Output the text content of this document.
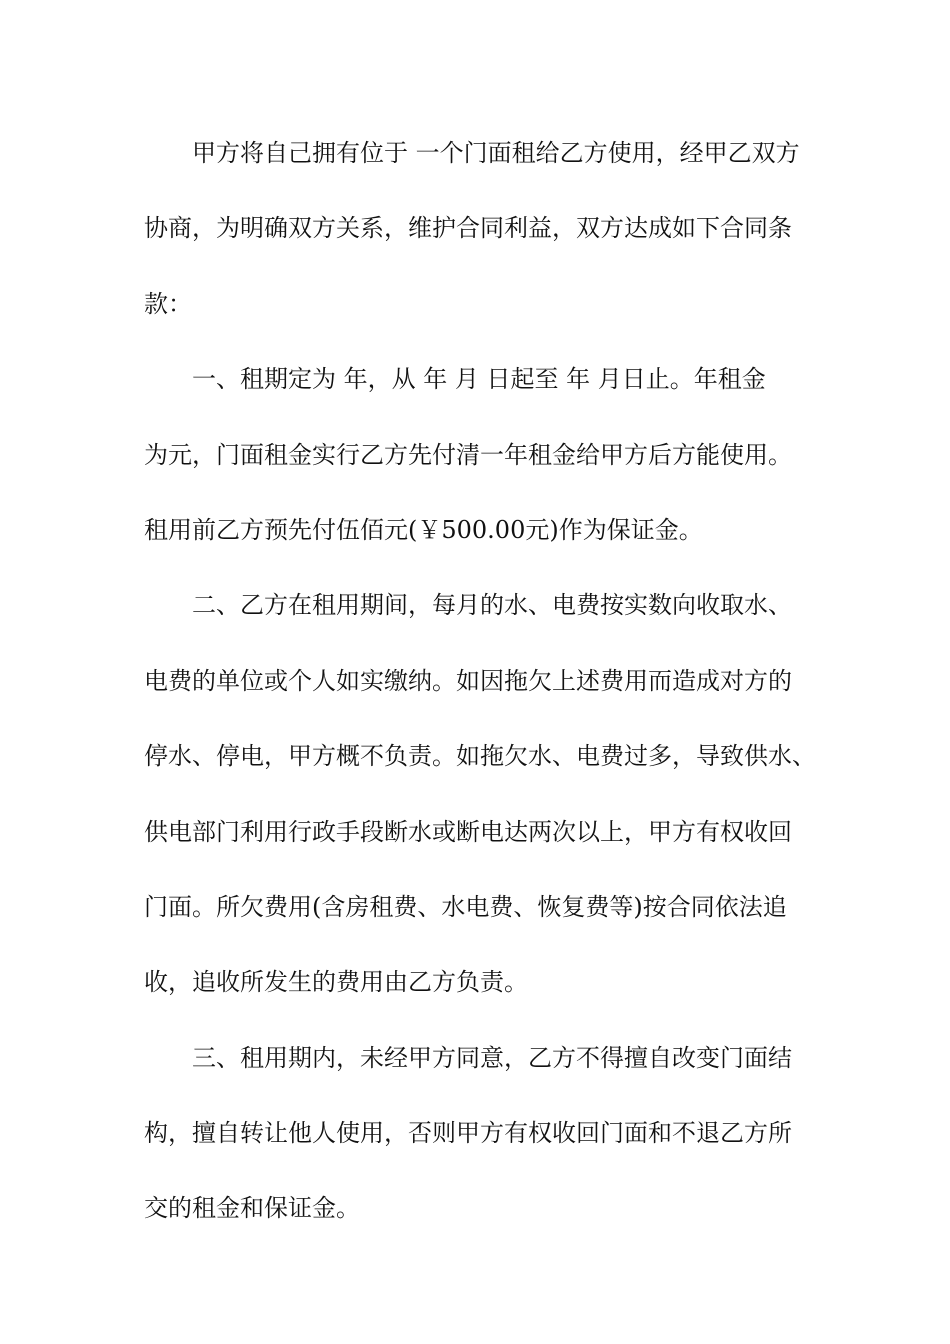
甲方将自己拥有位于 一个门面租给乙方使用，经甲乙双方
协商，为明确双方关系，维护合同利益，双方达成如下合同条
款：
一、租期定为 年，从 年 月 日起至 年 月日止。年租金
为元，门面租金实行乙方先付清一年租金给甲方后方能使用。
租用前乙方预先付伍佰元(￥500.00元)作为保证金。
二、乙方在租用期间，每月的水、电费按实数向收取水、
电费的单位或个人如实缴纳。如因拖欠上述费用而造成对方的
停水、停电，甲方概不负责。如拖欠水、电费过多，导致供水、
供电部门利用行政手段断水或断电达两次以上，甲方有权收回
门面。所欠费用(含房租费、水电费、恢复费等)按合同依法追
收，追收所发生的费用由乙方负责。
三、租用期内，未经甲方同意，乙方不得擅自改变门面结
构，擅自转让他人使用，否则甲方有权收回门面和不退乙方所
交的租金和保证金。
